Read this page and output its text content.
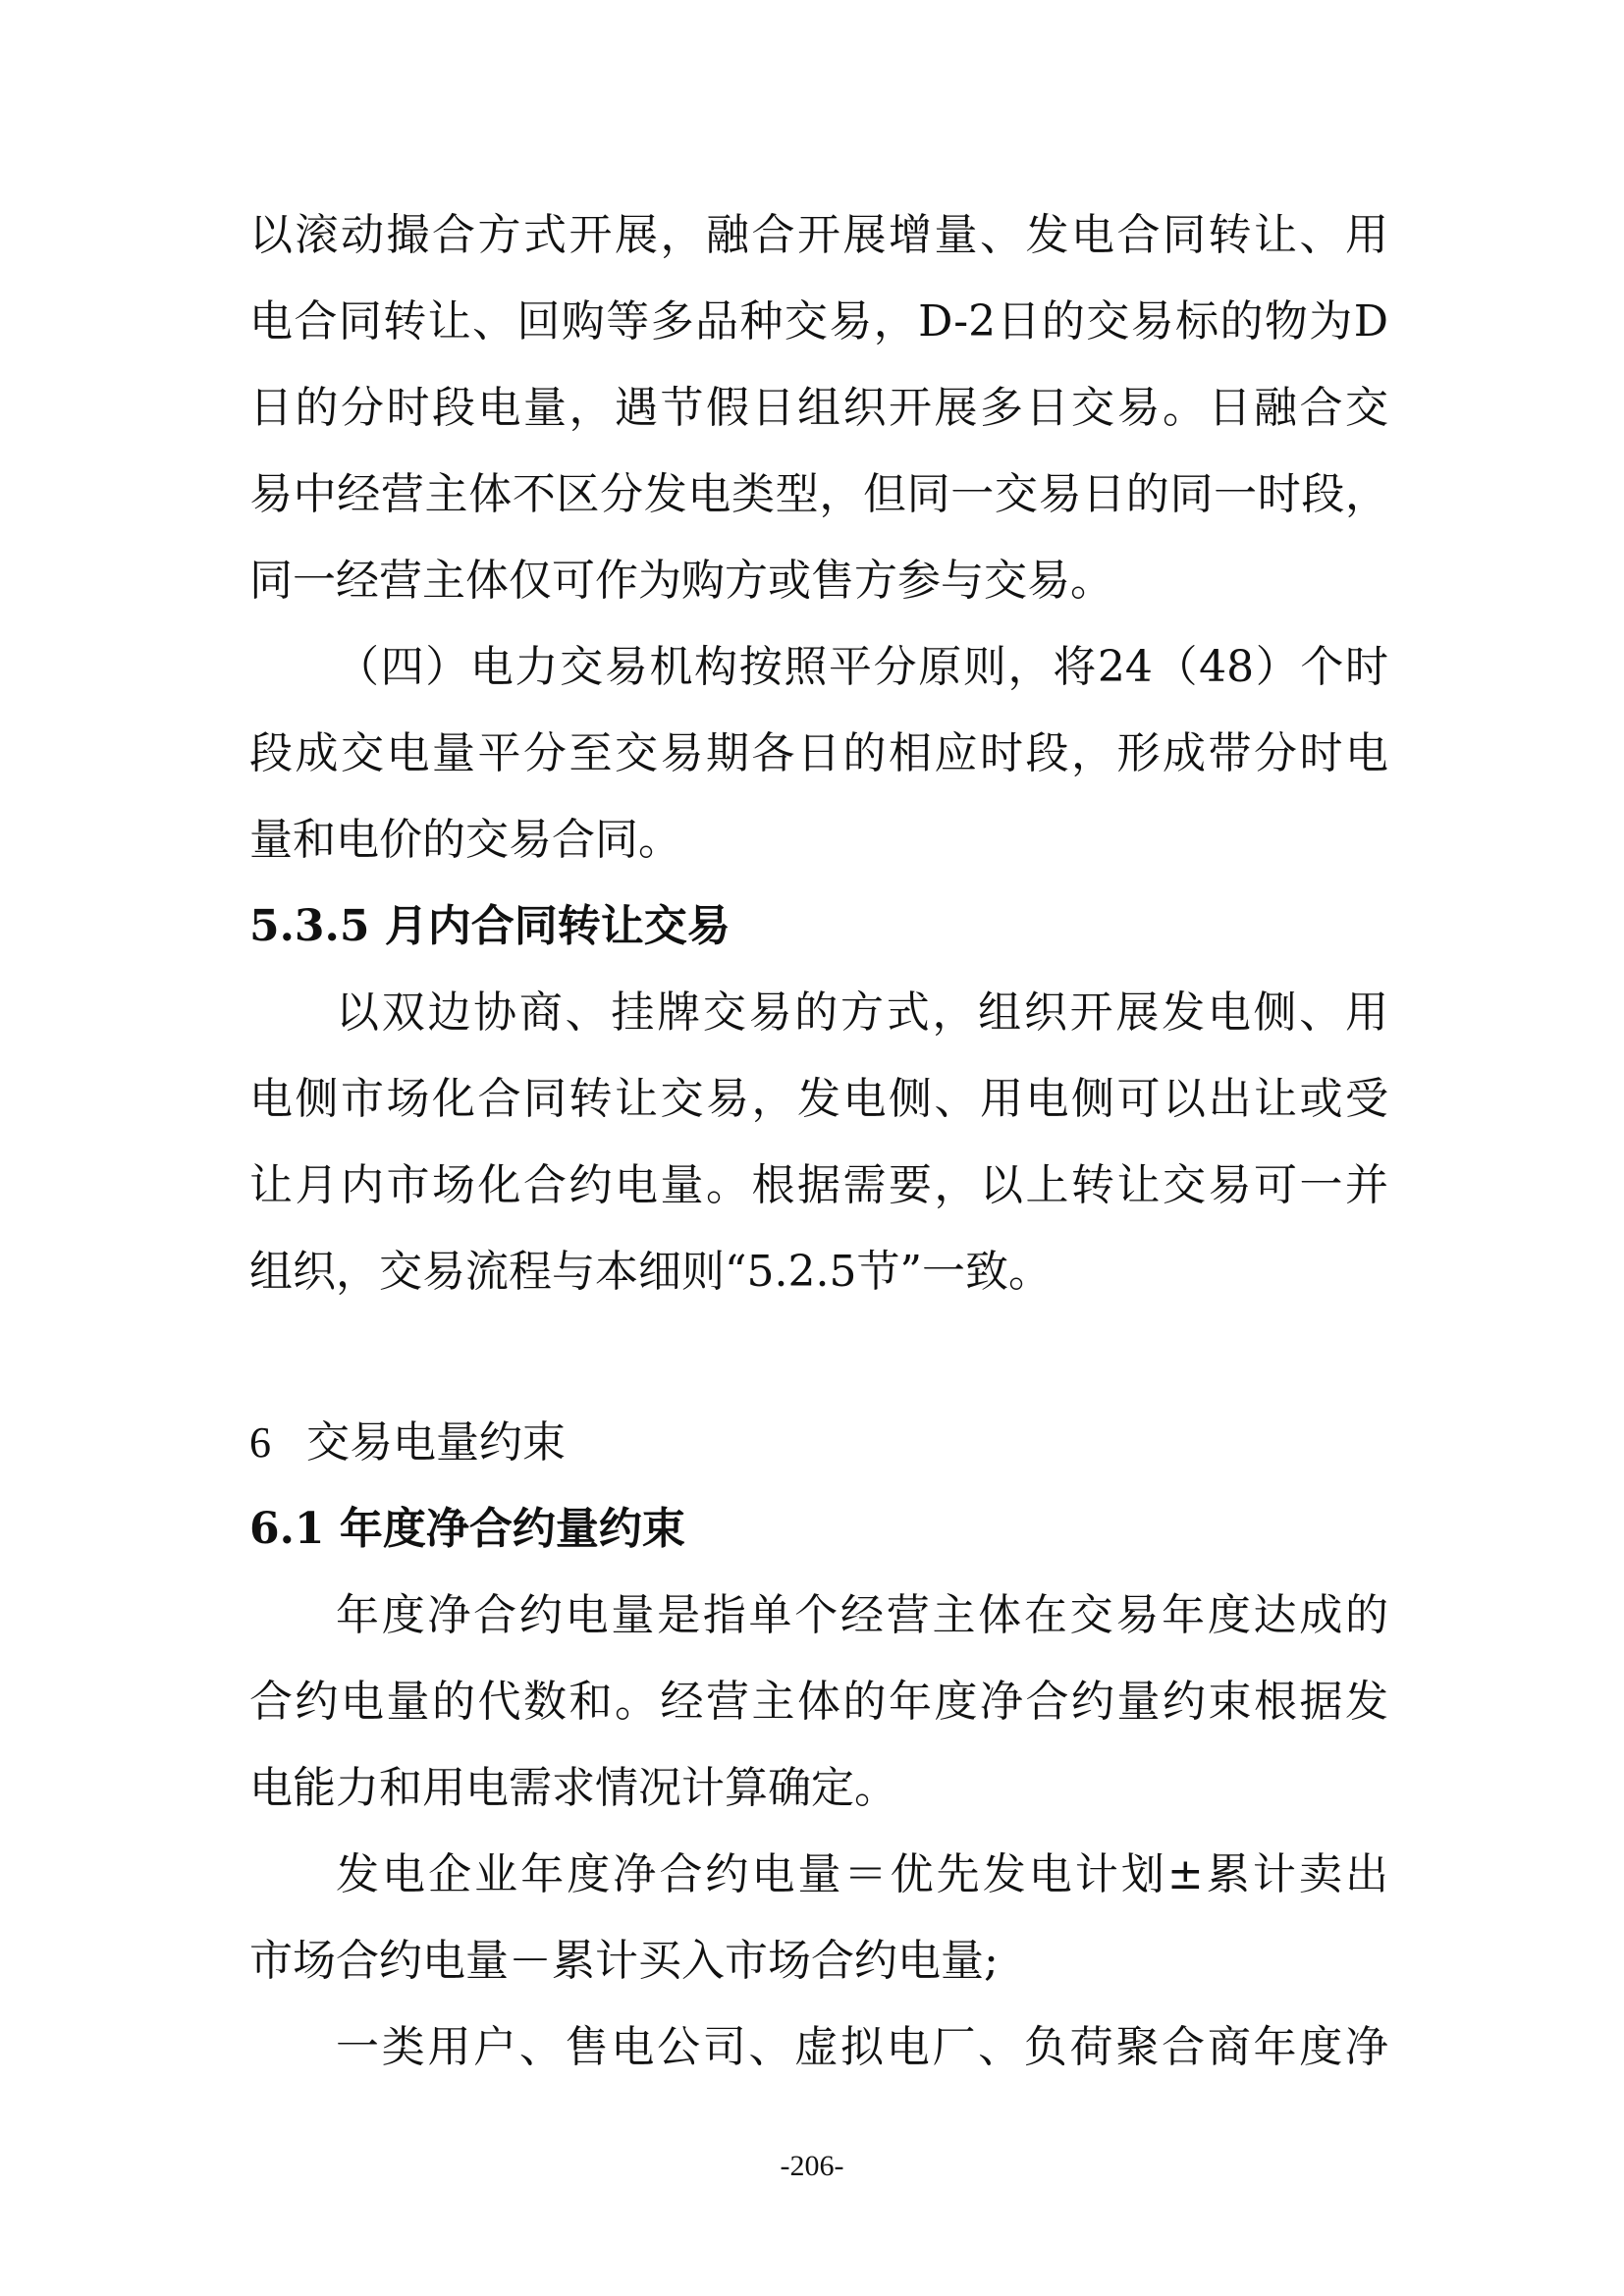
以滚动撮合方式开展，融合开展增量、发电合同转让、用
电合同转让、回购等多品种交易，D-2日的交易标的物为D
日的分时段电量，遇节假日组织开展多日交易。日融合交
易中经营主体不区分发电类型，但同一交易日的同一时段，
同一经营主体仅可作为购方或售方参与交易。
（四）电力交易机构按照平分原则，将24（48）个时
段成交电量平分至交易期各日的相应时段，形成带分时电
量和电价的交易合同。
5.3.5 月内合同转让交易
以双边协商、挂牌交易的方式，组织开展发电侧、用
电侧市场化合同转让交易，发电侧、用电侧可以出让或受
让月内市场化合约电量。根据需要，以上转让交易可一并
组织，交易流程与本细则“5.2.5节”一致。
6 交易电量约束
6.1 年度净合约量约束
年度净合约电量是指单个经营主体在交易年度达成的
合约电量的代数和。经营主体的年度净合约量约束根据发
电能力和用电需求情况计算确定。
发电企业年度净合约电量＝优先发电计划±累计卖出
市场合约电量－累计买入市场合约电量;
一类用户、售电公司、虚拟电厂、负荷聚合商年度净
-206-
